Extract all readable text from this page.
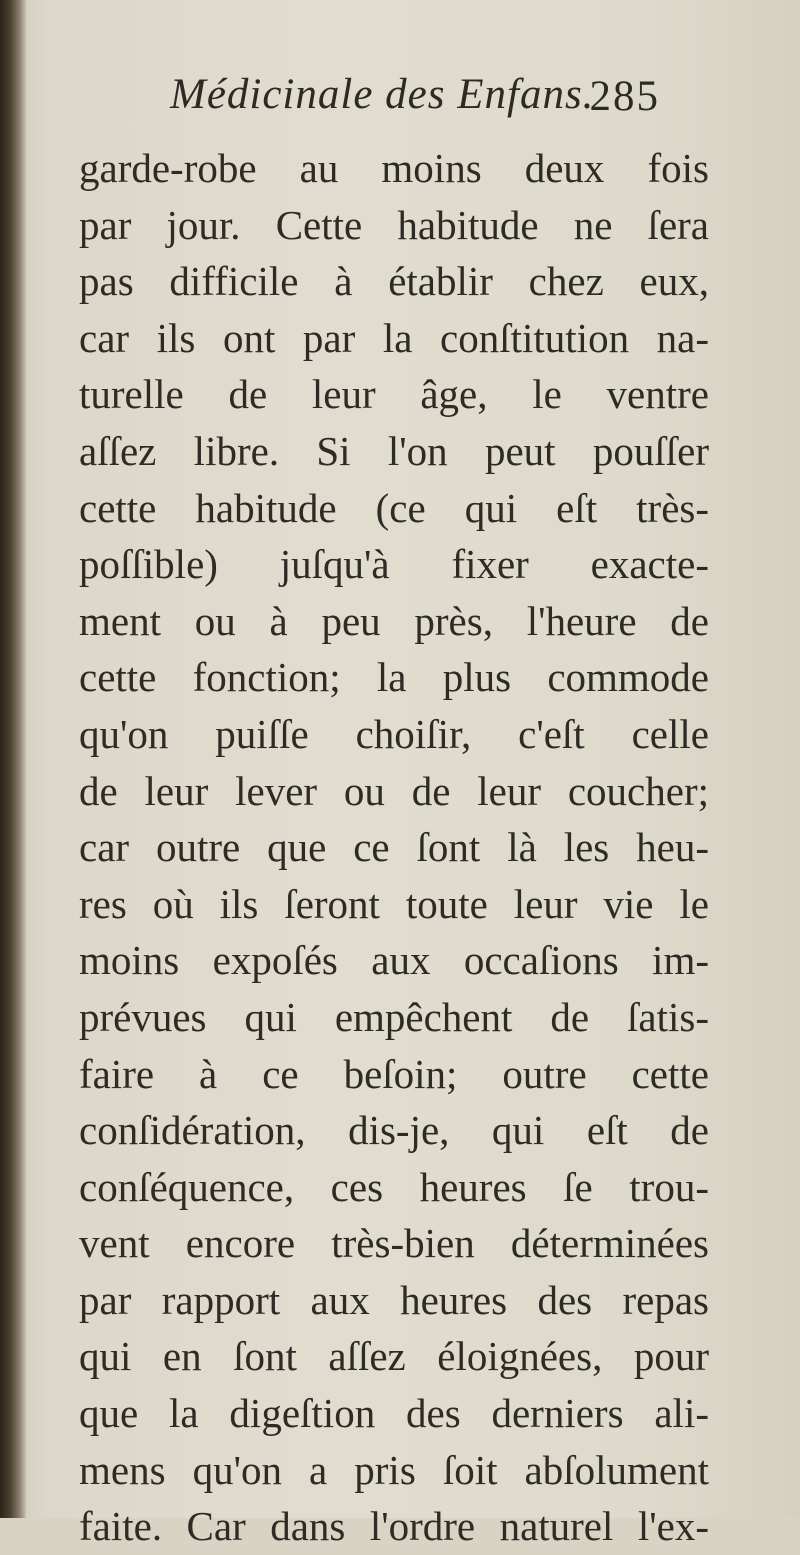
Médicinale des Enfans.
285
garde-robe au moins deux fois
par jour. Cette habitude ne ſera
pas difficile à établir chez eux,
car ils ont par la conſtitution na-
turelle de leur âge, le ventre
aſſez libre. Si l'on peut pouſſer
cette habitude (ce qui eſt très-
poſſible) juſqu'à fixer exacte-
ment ou à peu près, l'heure de
cette fonction; la plus commode
qu'on puiſſe choiſir, c'eſt celle
de leur lever ou de leur coucher;
car outre que ce ſont là les heu-
res où ils ſeront toute leur vie le
moins expoſés aux occaſions im-
prévues qui empêchent de ſatis-
faire à ce beſoin; outre cette
conſidération, dis-je, qui eſt de
conſéquence, ces heures ſe trou-
vent encore très-bien déterminées
par rapport aux heures des repas
qui en ſont aſſez éloignées, pour
que la digeſtion des derniers ali-
mens qu'on a pris ſoit abſolument
faite. Car dans l'ordre naturel l'ex-
